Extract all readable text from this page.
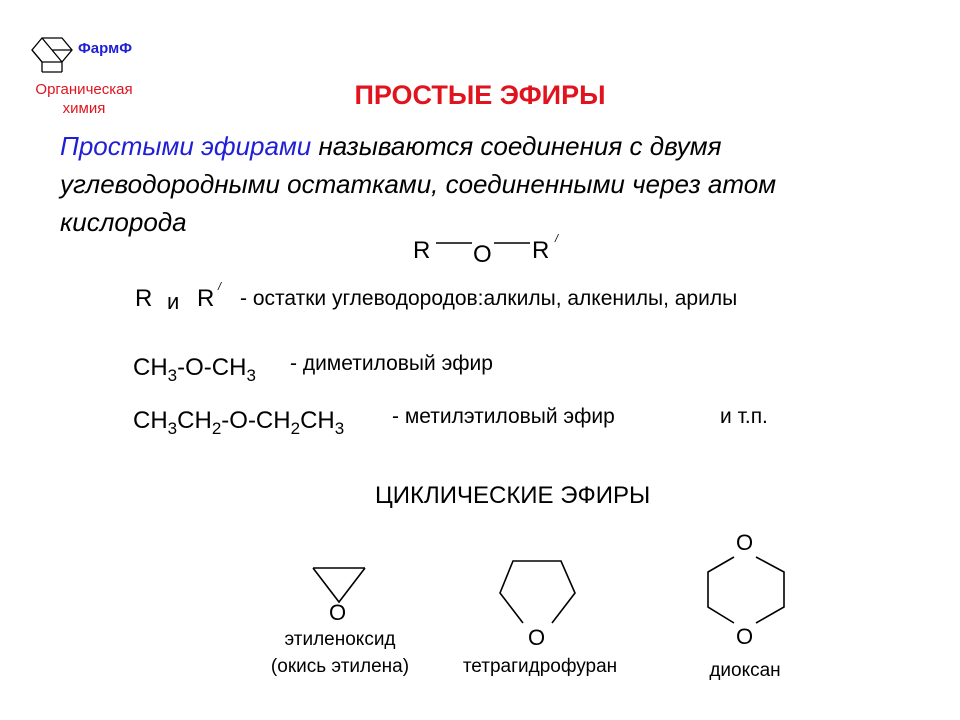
ФармФ
Органическая химия	ПРОСТЫЕ ЭФИРЫ
Простыми эфирами называются соединения с двумя углеводородными остатками, соединенными через атом кислорода
R O R /
R и R / - остатки углеводородов:алкилы, алкенилы, арилы
$CH_3-O-CH_3$
- диметиловый эфир
$CH_3CH_2-O-CH_2CH_3$
- метилэтиловый эфир	и т.п.
ЦИКЛИЧЕСКИЕ ЭФИРЫ
O
этиленоксид
(окись этилена)
O
тетрагидрофуран
O
O
диоксан
